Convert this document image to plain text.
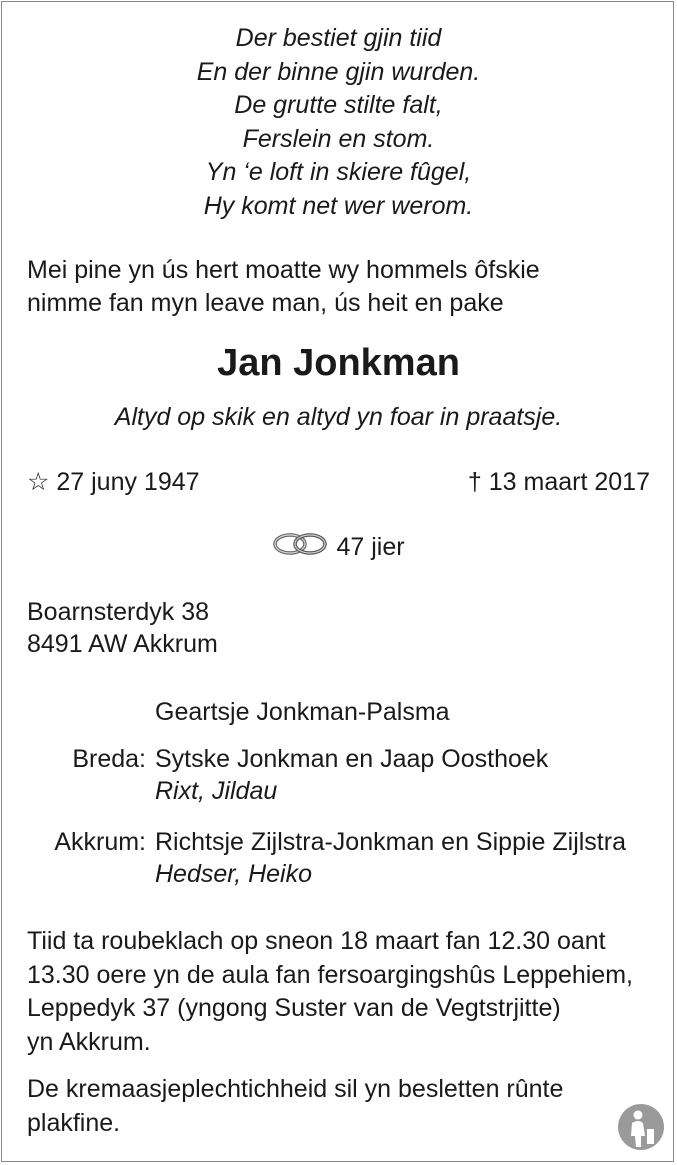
Der bestiet gjin tiid
En der binne gjin wurden.
De grutte stilte falt,
Ferslein en stom.
Yn ‘e loft in skiere fûgel,
Hy komt net wer werom.
Mei pine yn ús hert moatte wy hommels ôfskie
nimme fan myn leave man, ús heit en pake
Jan Jonkman
Altyd op skik en altyd yn foar in praatsje.
☆ 27 juny 1947	† 13 maart 2017
47 jier
Boarnsterdyk 38
8491 AW Akkrum
Geartsje Jonkman-Palsma
Breda: Sytske Jonkman en Jaap Oosthoek
Rixt, Jildau
Akkrum: Richtsje Zijlstra-Jonkman en Sippie Zijlstra
Hedser, Heiko
Tiid ta roubeklach op sneon 18 maart fan 12.30 oant
13.30 oere yn de aula fan fersoargingshûs Leppehiem,
Leppedyk 37 (yngong Suster van de Vegtstrjitte)
yn Akkrum.
De kremaasjeplechtichheid sil yn besletten rûnte
plakfine.
